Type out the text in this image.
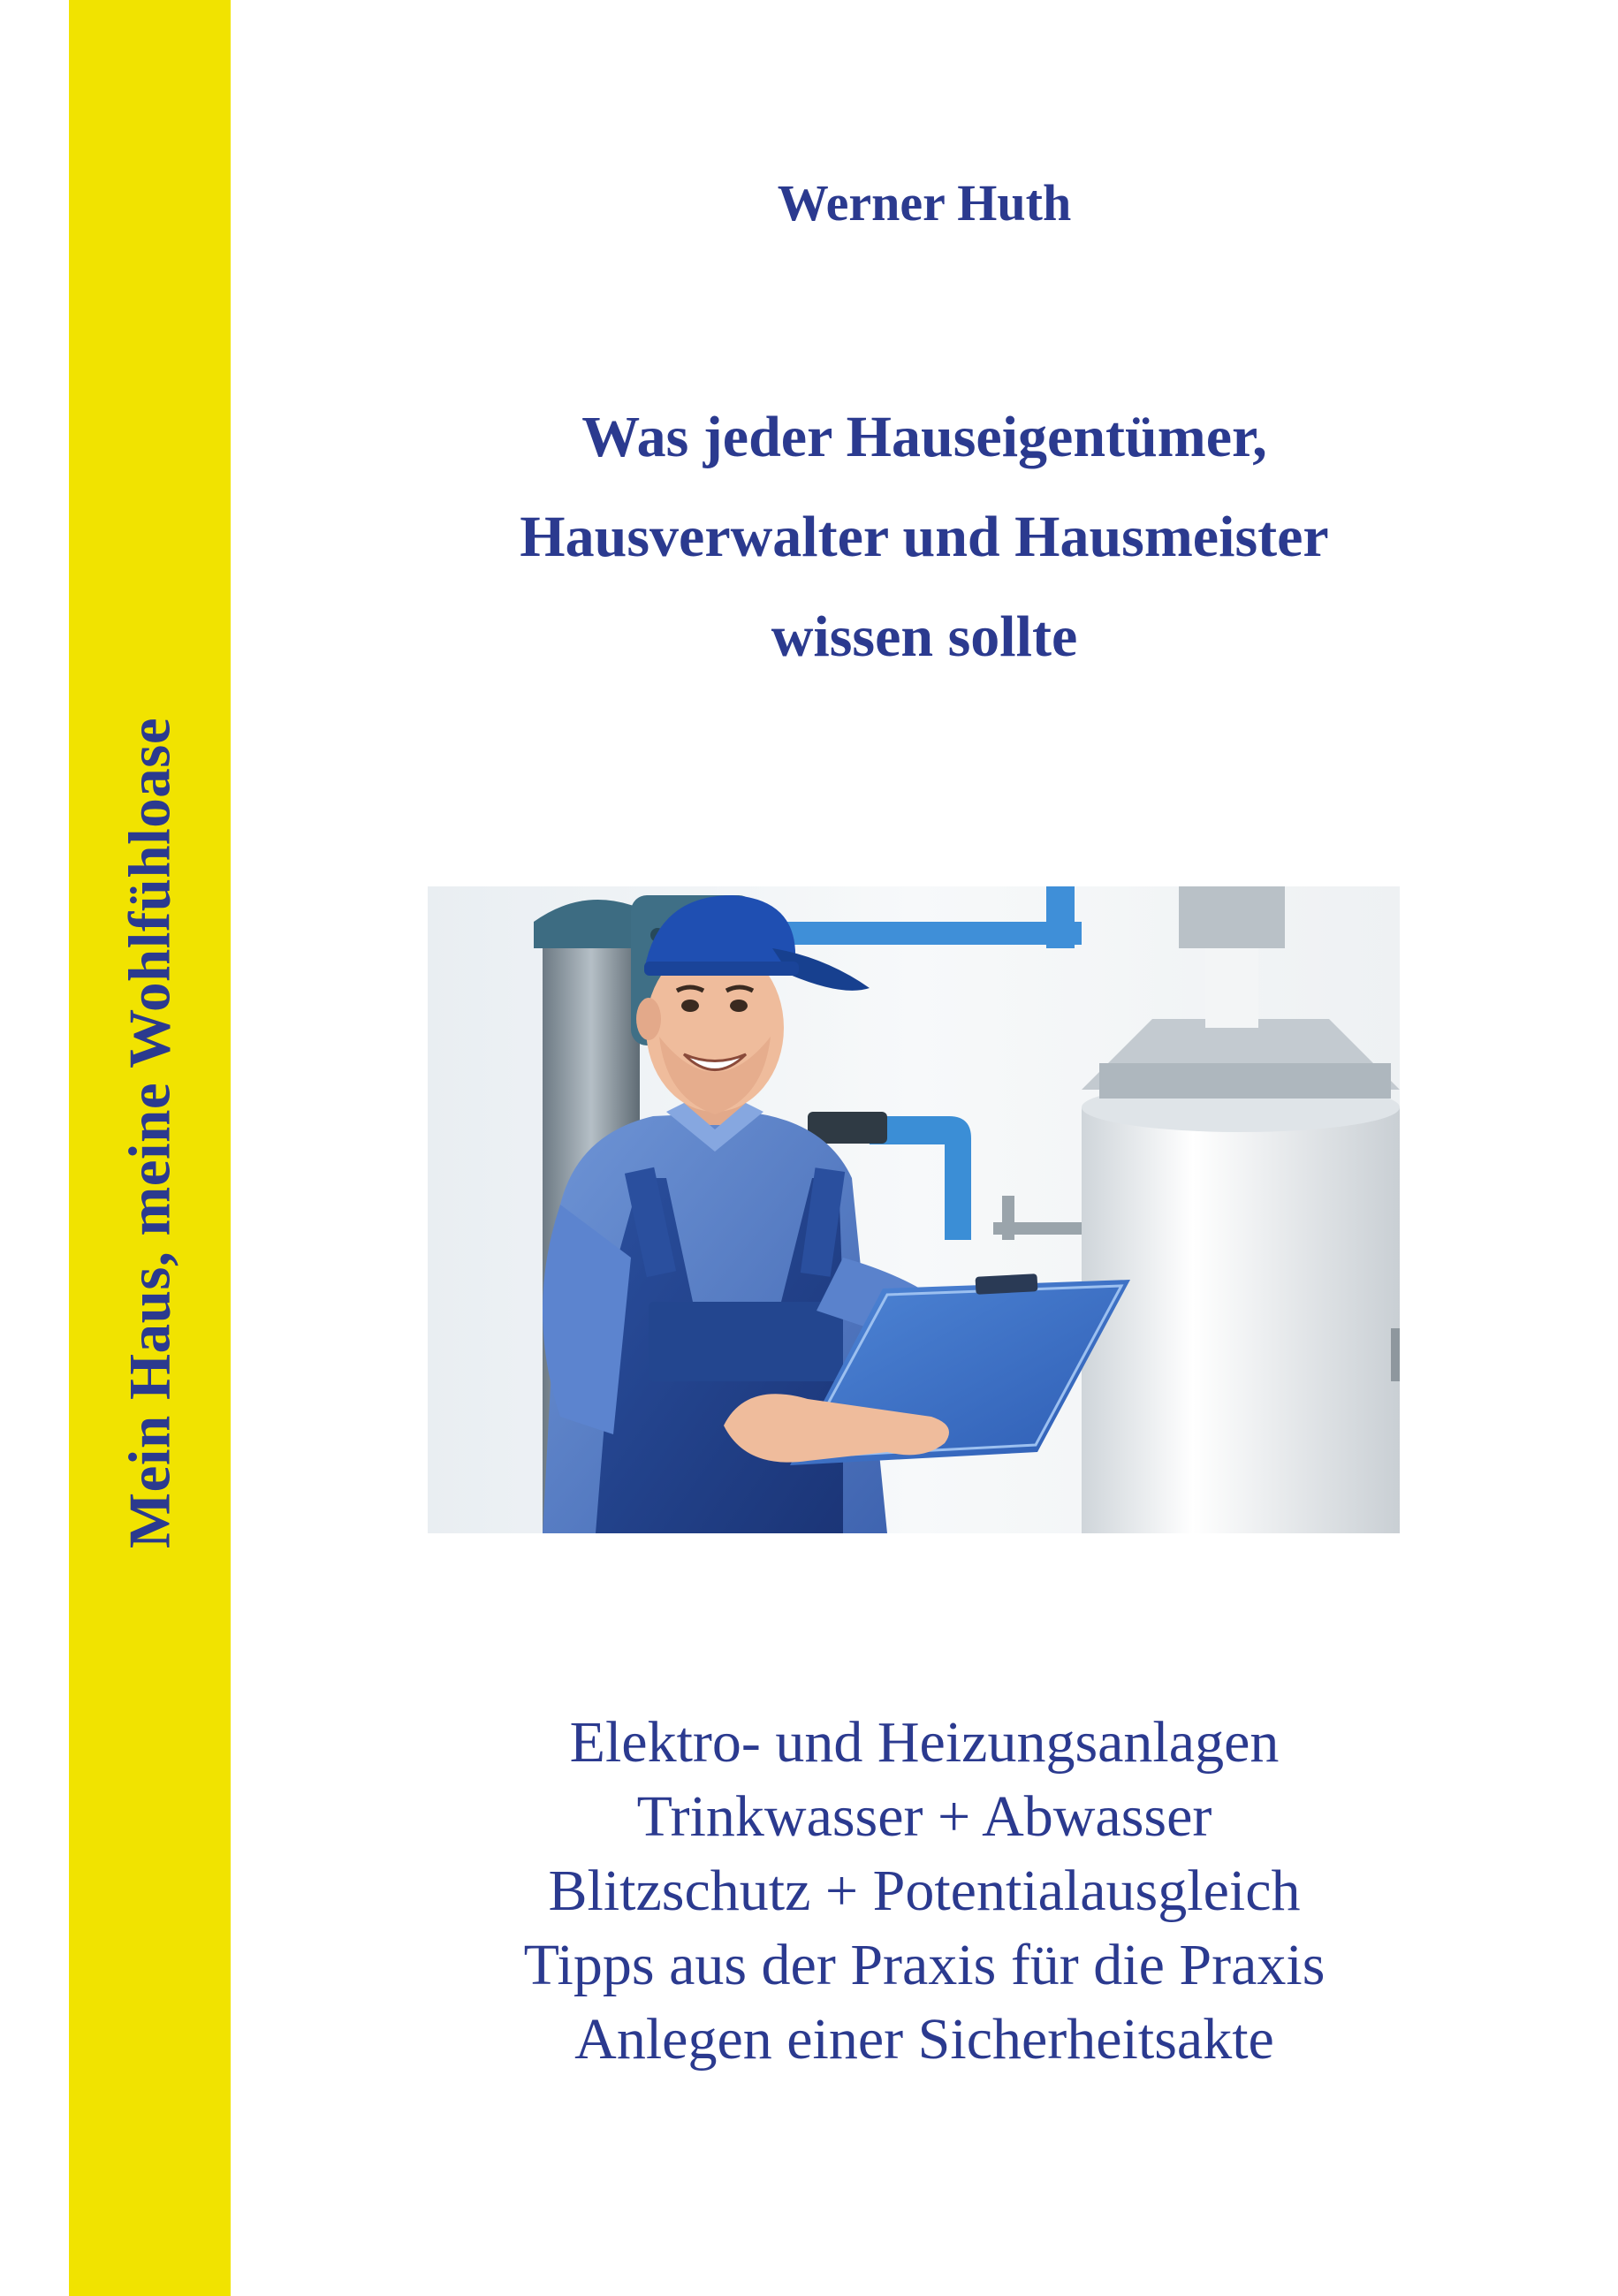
Mein Haus, meine Wohlfühloase
Werner Huth
Was jeder Hauseigentümer,
Hausverwalter und Hausmeister
wissen sollte
Elektro- und Heizungsanlagen
Trinkwasser + Abwasser
Blitzschutz + Potentialausgleich
Tipps aus der Praxis für die Praxis
Anlegen einer Sicherheitsakte
